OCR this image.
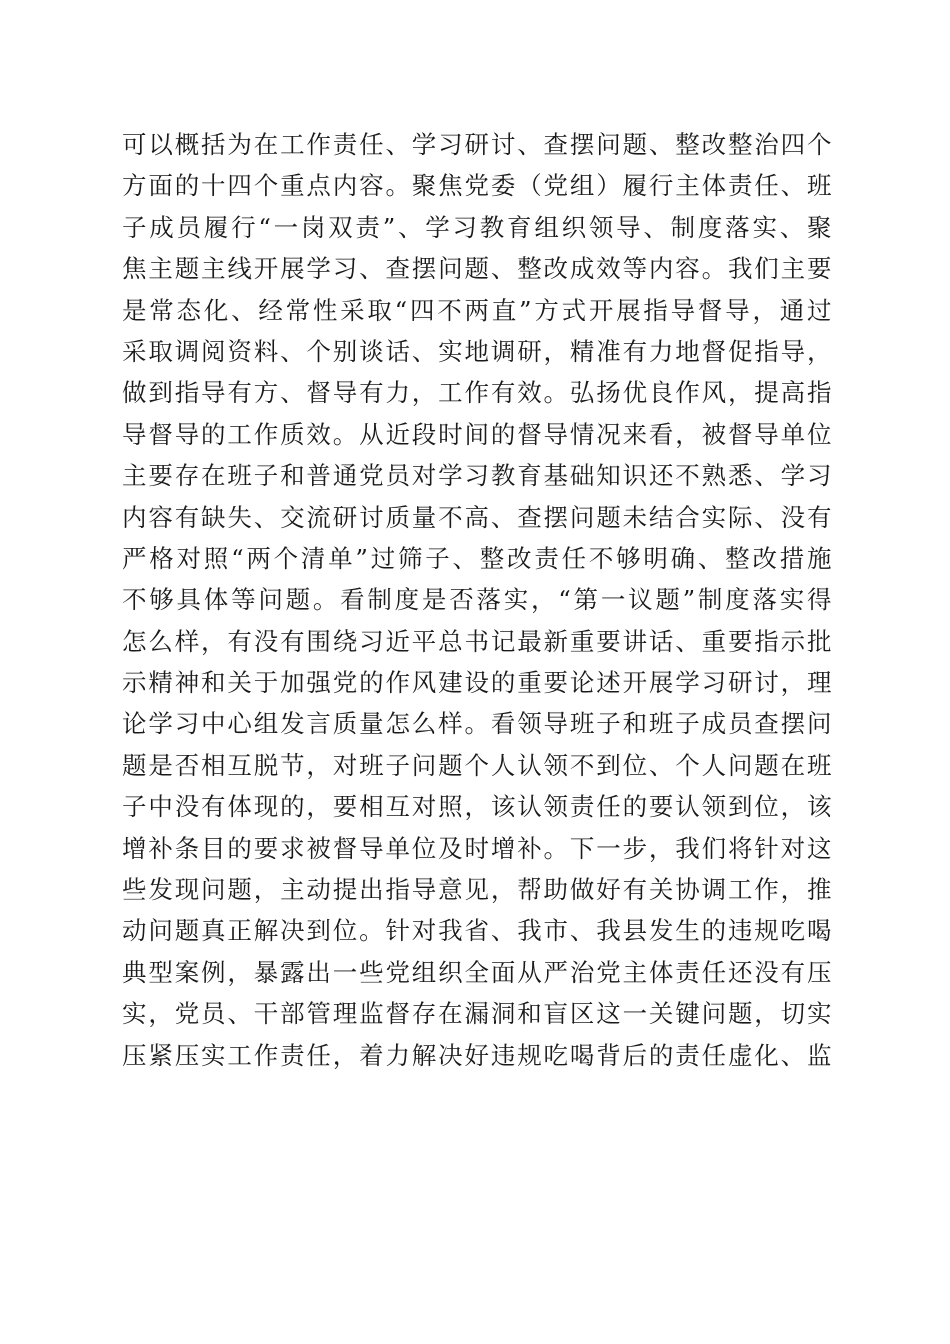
可以概括为在工作责任、学习研讨、查摆问题、整改整治四个
方面的十四个重点内容。聚焦党委（党组）履行主体责任、班
子成员履行“一岗双责”、学习教育组织领导、制度落实、聚
焦主题主线开展学习、查摆问题、整改成效等内容。我们主要
是常态化、经常性采取“四不两直”方式开展指导督导，通过
采取调阅资料、个别谈话、实地调研，精准有力地督促指导，
做到指导有方、督导有力，工作有效。弘扬优良作风，提高指
导督导的工作质效。从近段时间的督导情况来看，被督导单位
主要存在班子和普通党员对学习教育基础知识还不熟悉、学习
内容有缺失、交流研讨质量不高、查摆问题未结合实际、没有
严格对照“两个清单”过筛子、整改责任不够明确、整改措施
不够具体等问题。看制度是否落实，“第一议题”制度落实得
怎么样，有没有围绕习近平总书记最新重要讲话、重要指示批
示精神和关于加强党的作风建设的重要论述开展学习研讨，理
论学习中心组发言质量怎么样。看领导班子和班子成员查摆问
题是否相互脱节，对班子问题个人认领不到位、个人问题在班
子中没有体现的，要相互对照，该认领责任的要认领到位，该
增补条目的要求被督导单位及时增补。下一步，我们将针对这
些发现问题，主动提出指导意见，帮助做好有关协调工作，推
动问题真正解决到位。针对我省、我市、我县发生的违规吃喝
典型案例，暴露出一些党组织全面从严治党主体责任还没有压
实，党员、干部管理监督存在漏洞和盲区这一关键问题，切实
压紧压实工作责任，着力解决好违规吃喝背后的责任虚化、监
